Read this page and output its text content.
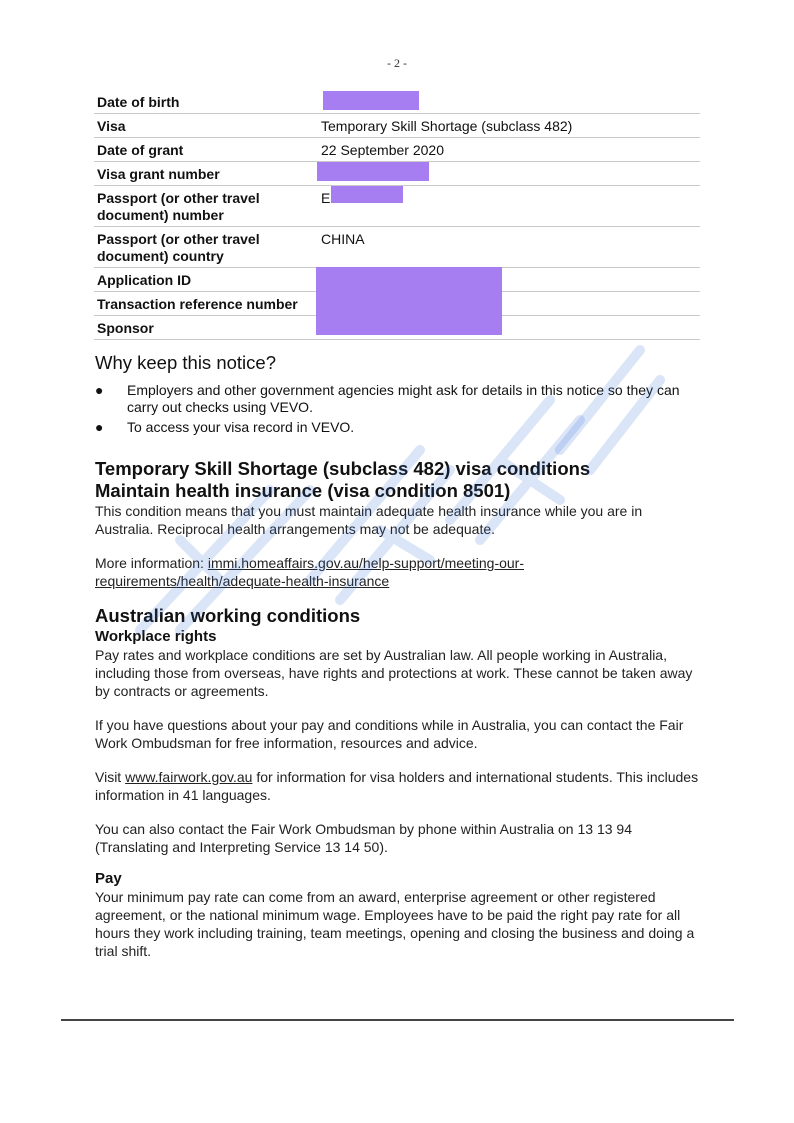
- 2 -
Date of birth	

Visa	Temporary Skill Shortage (subclass 482)
Date of grant	22 September 2020
Visa grant number	

Passport (or other travel document) number	E

Passport (or other travel document) country	CHINA
Application ID	

Transaction reference number	
Sponsor	
Why keep this notice?
● Employers and other government agencies might ask for details in this notice so they can carry out checks using VEVO.
● To access your visa record in VEVO.
Temporary Skill Shortage (subclass 482) visa conditions
Maintain health insurance (visa condition 8501)

This condition means that you must maintain adequate health insurance while you are in Australia. Reciprocal health arrangements may not be adequate.

More information: immi.homeaffairs.gov.au/help-support/meeting-our-requirements/health/adequate-health-insurance

Australian working conditions
Workplace rights

Pay rates and workplace conditions are set by Australian law. All people working in Australia, including those from overseas, have rights and protections at work. These cannot be taken away by contracts or agreements.

If you have questions about your pay and conditions while in Australia, you can contact the Fair Work Ombudsman for free information, resources and advice.

Visit www.fairwork.gov.au for information for visa holders and international students. This includes information in 41 languages.

You can also contact the Fair Work Ombudsman by phone within Australia on 13 13 94 (Translating and Interpreting Service 13 14 50).

Pay

Your minimum pay rate can come from an award, enterprise agreement or other registered agreement, or the national minimum wage. Employees have to be paid the right pay rate for all hours they work including training, team meetings, opening and closing the business and doing a trial shift.
